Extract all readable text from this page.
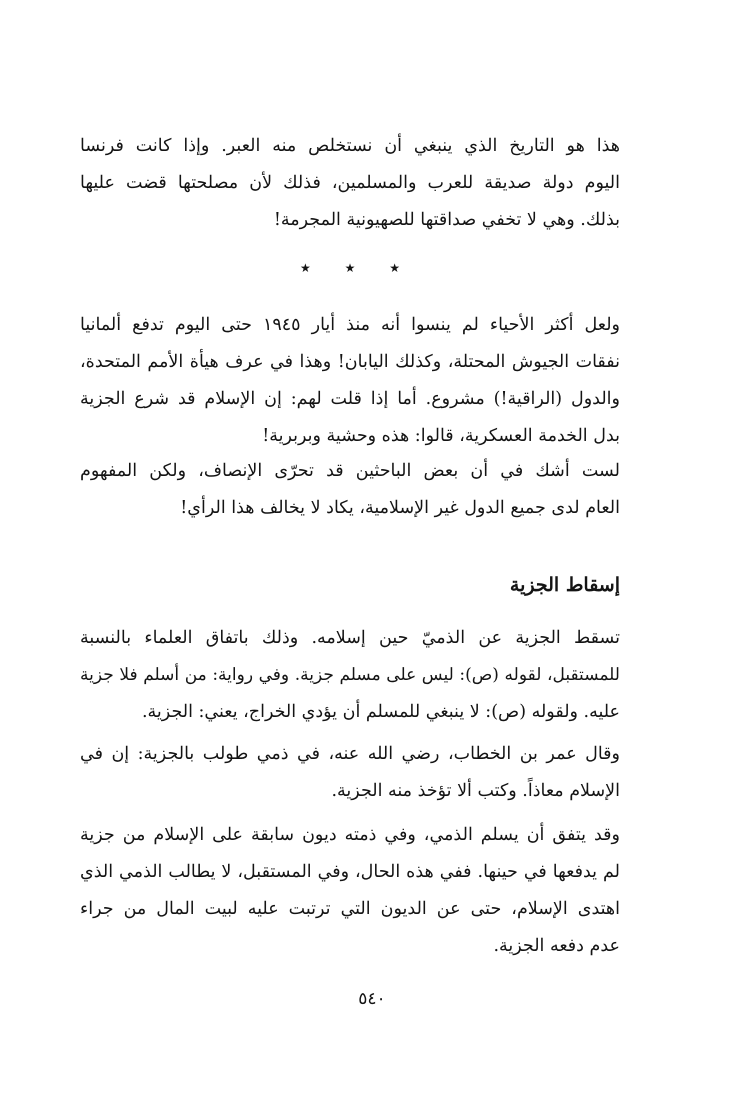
هذا هو التاريخ الذي ينبغي أن نستخلص منه العبر. وإذا كانت فرنسا
اليوم دولة صديقة للعرب والمسلمين، فذلك لأن مصلحتها قضت عليها
بذلك. وهي لا تخفي صداقتها للصهيونية المجرمة!
★
★
★
ولعل أكثر الأحياء لم ينسوا أنه منذ أيار ١٩٤٥ حتى اليوم تدفع ألمانيا
نفقات الجيوش المحتلة، وكذلك اليابان! وهذا في عرف هيأة الأمم المتحدة،
والدول (الراقية!) مشروع. أما إذا قلت لهم: إن الإسلام قد شرع الجزية
بدل الخدمة العسكرية، قالوا: هذه وحشية وبربرية!
لست أشك في أن بعض الباحثين قد تحرّى الإنصاف، ولكن المفهوم
العام لدى جميع الدول غير الإسلامية، يكاد لا يخالف هذا الرأي!
إسقاط الجزية
تسقط الجزية عن الذميّ حين إسلامه. وذلك باتفاق العلماء بالنسبة
للمستقبل، لقوله (ص): ليس على مسلم جزية. وفي رواية: من أسلم فلا جزية
عليه. ولقوله (ص): لا ينبغي للمسلم أن يؤدي الخراج، يعني: الجزية.
وقال عمر بن الخطاب، رضي الله عنه، في ذمي طولب بالجزية: إن في
الإسلام معاذاً. وكتب ألا تؤخذ منه الجزية.
وقد يتفق أن يسلم الذمي، وفي ذمته ديون سابقة على الإسلام من جزية
لم يدفعها في حينها. ففي هذه الحال، وفي المستقبل، لا يطالب الذمي الذي
اهتدى الإسلام، حتى عن الديون التي ترتبت عليه لبيت المال من جراء
عدم دفعه الجزية.
٥٤٠
